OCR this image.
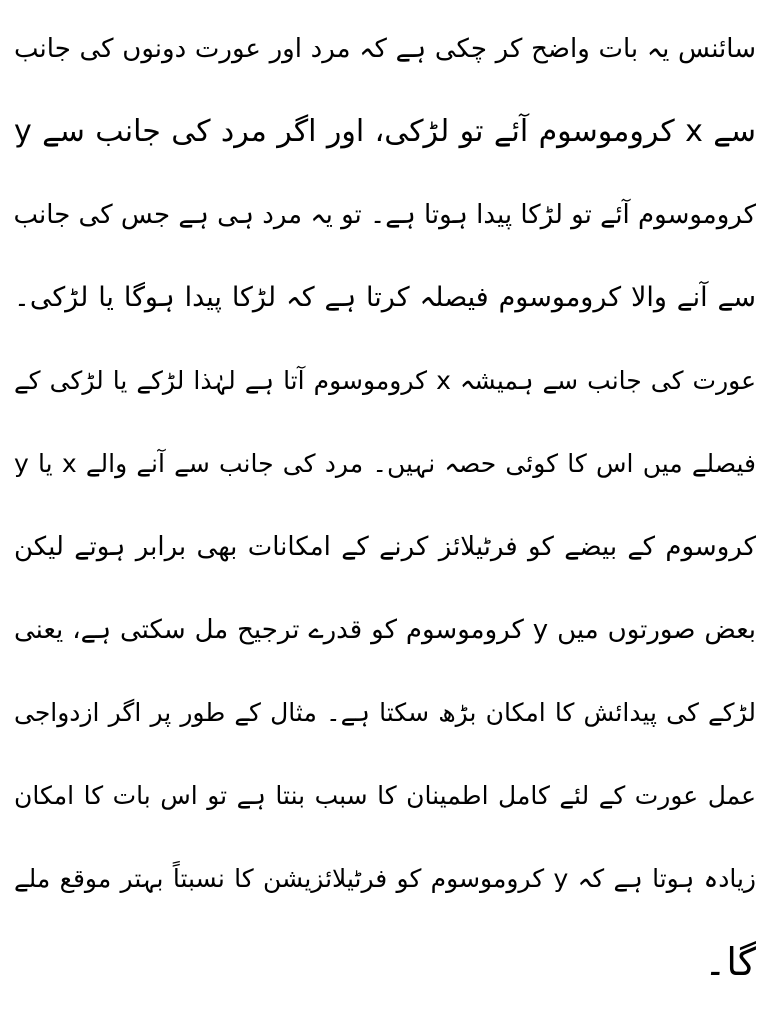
سائنس یہ بات واضح کر چکی ہے کہ مرد اور عورت دونوں کی جانب
سے x کروموسوم آئے تو لڑکی، اور اگر مرد کی جانب سے y
کروموسوم آئے تو لڑکا پیدا ہوتا ہے۔ تو یہ مرد ہی ہے جس کی جانب
سے آنے والا کروموسوم فیصلہ کرتا ہے کہ لڑکا پیدا ہوگا یا لڑکی۔
عورت کی جانب سے ہمیشہ x کروموسوم آتا ہے لہٰذا لڑکے یا لڑکی کے
فیصلے میں اس کا کوئی حصہ نہیں۔ مرد کی جانب سے آنے والے x یا y
کروسوم کے بیضے کو فرٹیلائز کرنے کے امکانات بھی برابر ہوتے لیکن
بعض صورتوں میں y کروموسوم کو قدرے ترجیح مل سکتی ہے، یعنی
لڑکے کی پیدائش کا امکان بڑھ سکتا ہے۔ مثال کے طور پر اگر ازدواجی
عمل عورت کے لئے کامل اطمینان کا سبب بنتا ہے تو اس بات کا امکان
زیادہ ہوتا ہے کہ y کروموسوم کو فرٹیلائزیشن کا نسبتاً بہتر موقع ملے
گا۔
